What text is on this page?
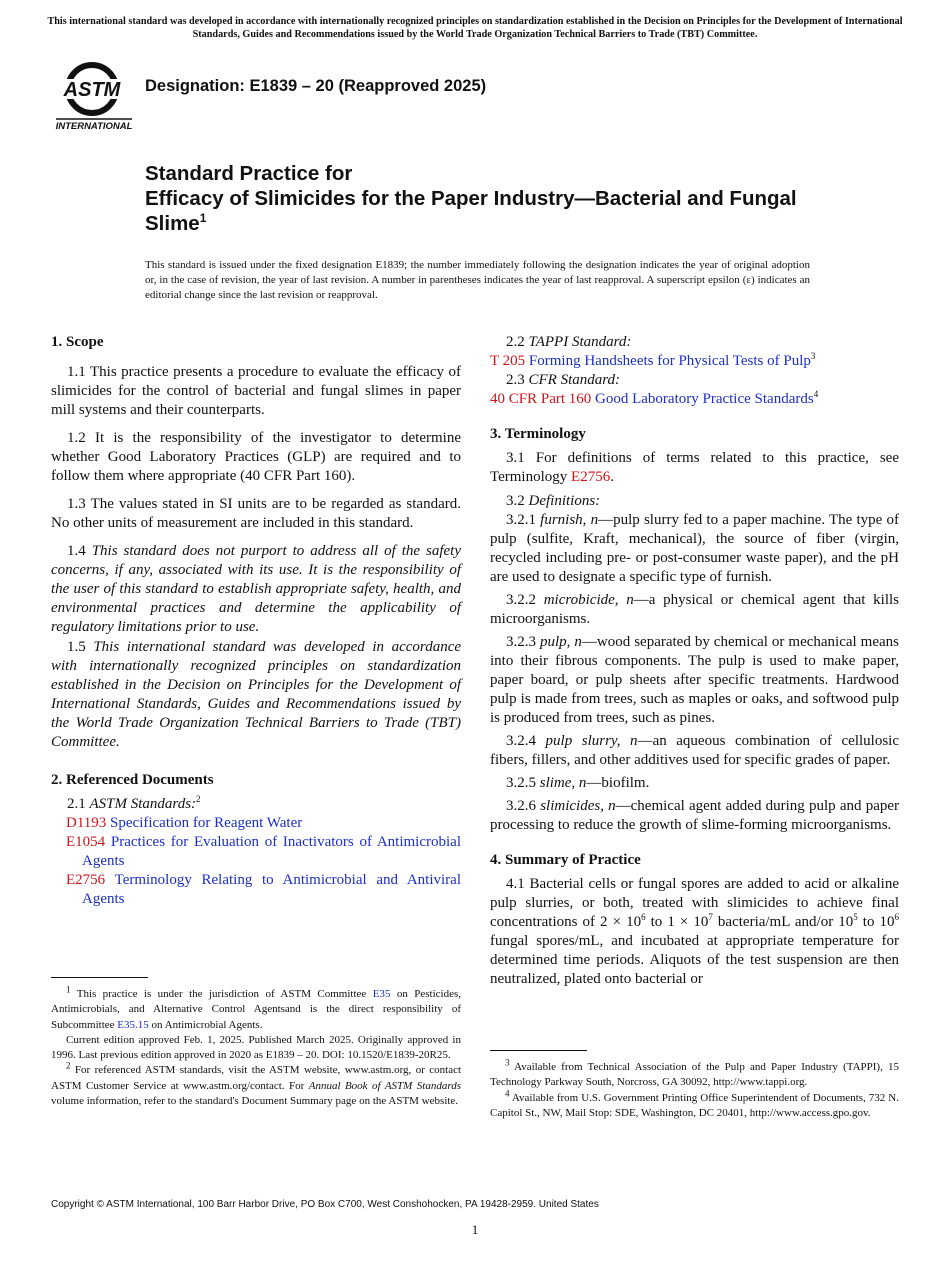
This international standard was developed in accordance with internationally recognized principles on standardization established in the Decision on Principles for the Development of International Standards, Guides and Recommendations issued by the World Trade Organization Technical Barriers to Trade (TBT) Committee.
ASTM
INTERNATIONAL
Designation: E1839 – 20 (Reapproved 2025)
Standard Practice for
Efficacy of Slimicides for the Paper Industry—Bacterial and Fungal Slime$^1$
This standard is issued under the fixed designation E1839; the number immediately following the designation indicates the year of original adoption or, in the case of revision, the year of last revision. A number in parentheses indicates the year of last reapproval. A superscript epsilon (ε) indicates an editorial change since the last revision or reapproval.

1. Scope

1.1 This practice presents a procedure to evaluate the efficacy of slimicides for the control of bacterial and fungal slimes in paper mill systems and their counterparts.

1.2 It is the responsibility of the investigator to determine whether Good Laboratory Practices (GLP) are required and to follow them where appropriate (40 CFR Part 160).

1.3 The values stated in SI units are to be regarded as standard. No other units of measurement are included in this standard.

1.4 This standard does not purport to address all of the safety concerns, if any, associated with its use. It is the responsibility of the user of this standard to establish appropriate safety, health, and environmental practices and determine the applicability of regulatory limitations prior to use.

1.5 This international standard was developed in accordance with internationally recognized principles on standardization established in the Decision on Principles for the Development of International Standards, Guides and Recommendations issued by the World Trade Organization Technical Barriers to Trade (TBT) Committee.

2. Referenced Documents

2.1 ASTM Standards:$^2$

D1193 Specification for Reagent Water

E1054 Practices for Evaluation of Inactivators of Antimicrobial Agents

E2756 Terminology Relating to Antimicrobial and Antiviral Agents

$^1$ This practice is under the jurisdiction of ASTM Committee E35 on Pesticides, Antimicrobials, and Alternative Control Agentsand is the direct responsibility of Subcommittee E35.15 on Antimicrobial Agents.

Current edition approved Feb. 1, 2025. Published March 2025. Originally approved in 1996. Last previous edition approved in 2020 as E1839 – 20. DOI: 10.1520/E1839-20R25.

$^2$ For referenced ASTM standards, visit the ASTM website, www.astm.org, or contact ASTM Customer Service at www.astm.org/contact. For Annual Book of ASTM Standards volume information, refer to the standard's Document Summary page on the ASTM website.

2.2 TAPPI Standard:

T 205 Forming Handsheets for Physical Tests of Pulp$^3$

2.3 CFR Standard:

40 CFR Part 160 Good Laboratory Practice Standards$^4$

3. Terminology

3.1 For definitions of terms related to this practice, see Terminology E2756.

3.2 Definitions:

3.2.1 furnish, n—pulp slurry fed to a paper machine. The type of pulp (sulfite, Kraft, mechanical), the source of fiber (virgin, recycled including pre- or post-consumer waste paper), and the pH are used to designate a specific type of furnish.

3.2.2 microbicide, n—a physical or chemical agent that kills microorganisms.

3.2.3 pulp, n—wood separated by chemical or mechanical means into their fibrous components. The pulp is used to make paper, paper board, or pulp sheets after specific treatments. Hardwood pulp is made from trees, such as maples or oaks, and softwood pulp is produced from trees, such as pines.

3.2.4 pulp slurry, n—an aqueous combination of cellulosic fibers, fillers, and other additives used for specific grades of paper.

3.2.5 slime, n—biofilm.

3.2.6 slimicides, n—chemical agent added during pulp and paper processing to reduce the growth of slime-forming microorganisms.

4. Summary of Practice

4.1 Bacterial cells or fungal spores are added to acid or alkaline pulp slurries, or both, treated with slimicides to achieve final concentrations of $2 \times 10^6$ to $1 \times 10^7$ bacteria/mL and/or $10^5$ to $10^6$ fungal spores/mL, and incubated at appropriate temperature for determined time periods. Aliquots of the test suspension are then neutralized, plated onto bacterial or

$^3$ Available from Technical Association of the Pulp and Paper Industry (TAPPI), 15 Technology Parkway South, Norcross, GA 30092, http://www.tappi.org.

$^4$ Available from U.S. Government Printing Office Superintendent of Documents, 732 N. Capitol St., NW, Mail Stop: SDE, Washington, DC 20401, http://www.access.gpo.gov.

Copyright © ASTM International, 100 Barr Harbor Drive, PO Box C700, West Conshohocken, PA 19428-2959. United States
1
